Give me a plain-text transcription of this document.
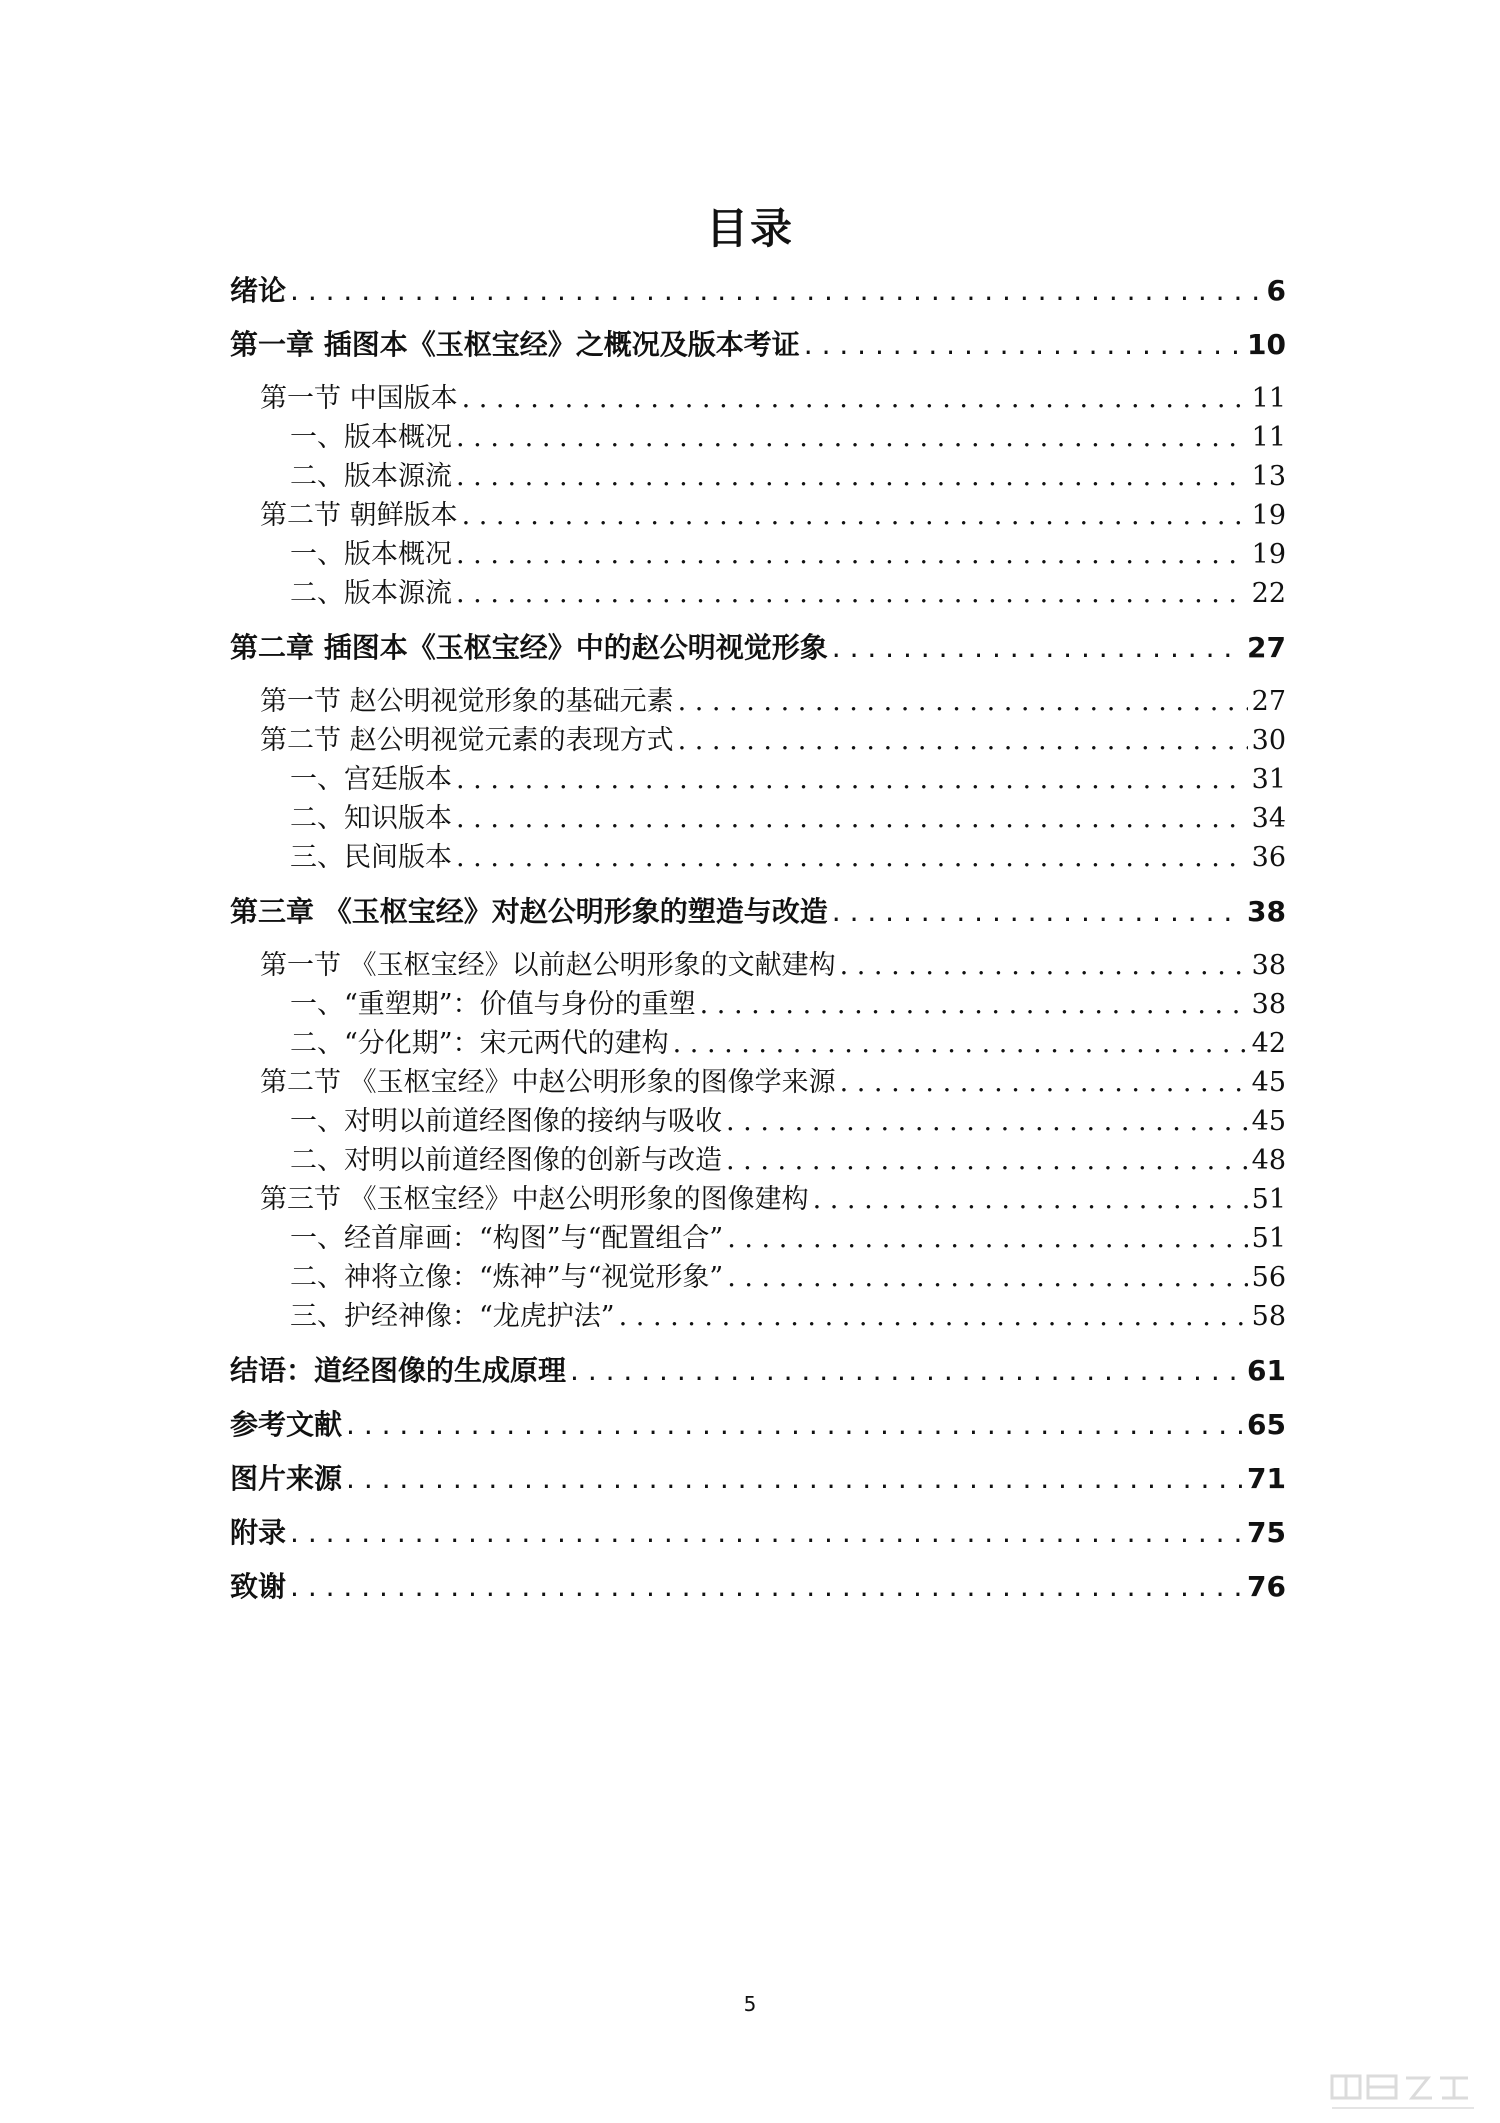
目录
绪论 . . .	6
第一章 插图本《玉枢宝经》之概况及版本考证 . . .	10
第一节 中国版本 . . .	11
一、版本概况 . . .	11
二、版本源流 . . .	13
第二节 朝鲜版本 . . .	19
一、版本概况 . . .	19
二、版本源流 . . .	22
第二章 插图本《玉枢宝经》中的赵公明视觉形象 . . .	27
第一节 赵公明视觉形象的基础元素 . . .	27
第二节 赵公明视觉元素的表现方式 . . .	30
一、宫廷版本 . . .	31
二、知识版本 . . .	34
三、民间版本 . . .	36
第三章 《玉枢宝经》对赵公明形象的塑造与改造 . . .	38
第一节 《玉枢宝经》以前赵公明形象的文献建构 . . .	38
一、“重塑期”：价值与身份的重塑 . . .	38
二、“分化期”：宋元两代的建构 . . .	42
第二节 《玉枢宝经》中赵公明形象的图像学来源 . . .	45
一、对明以前道经图像的接纳与吸收 . . .	45
二、对明以前道经图像的创新与改造 . . .	48
第三节 《玉枢宝经》中赵公明形象的图像建构 . . .	51
一、经首扉画：“构图”与“配置组合” . . .	51
二、神将立像：“炼神”与“视觉形象” . . .	56
三、护经神像：“龙虎护法” . . .	58
结语：道经图像的生成原理 . . .	61
参考文献 . . .	65
图片来源 . . .	71
附录 . . .	75
致谢 . . .	76
5
